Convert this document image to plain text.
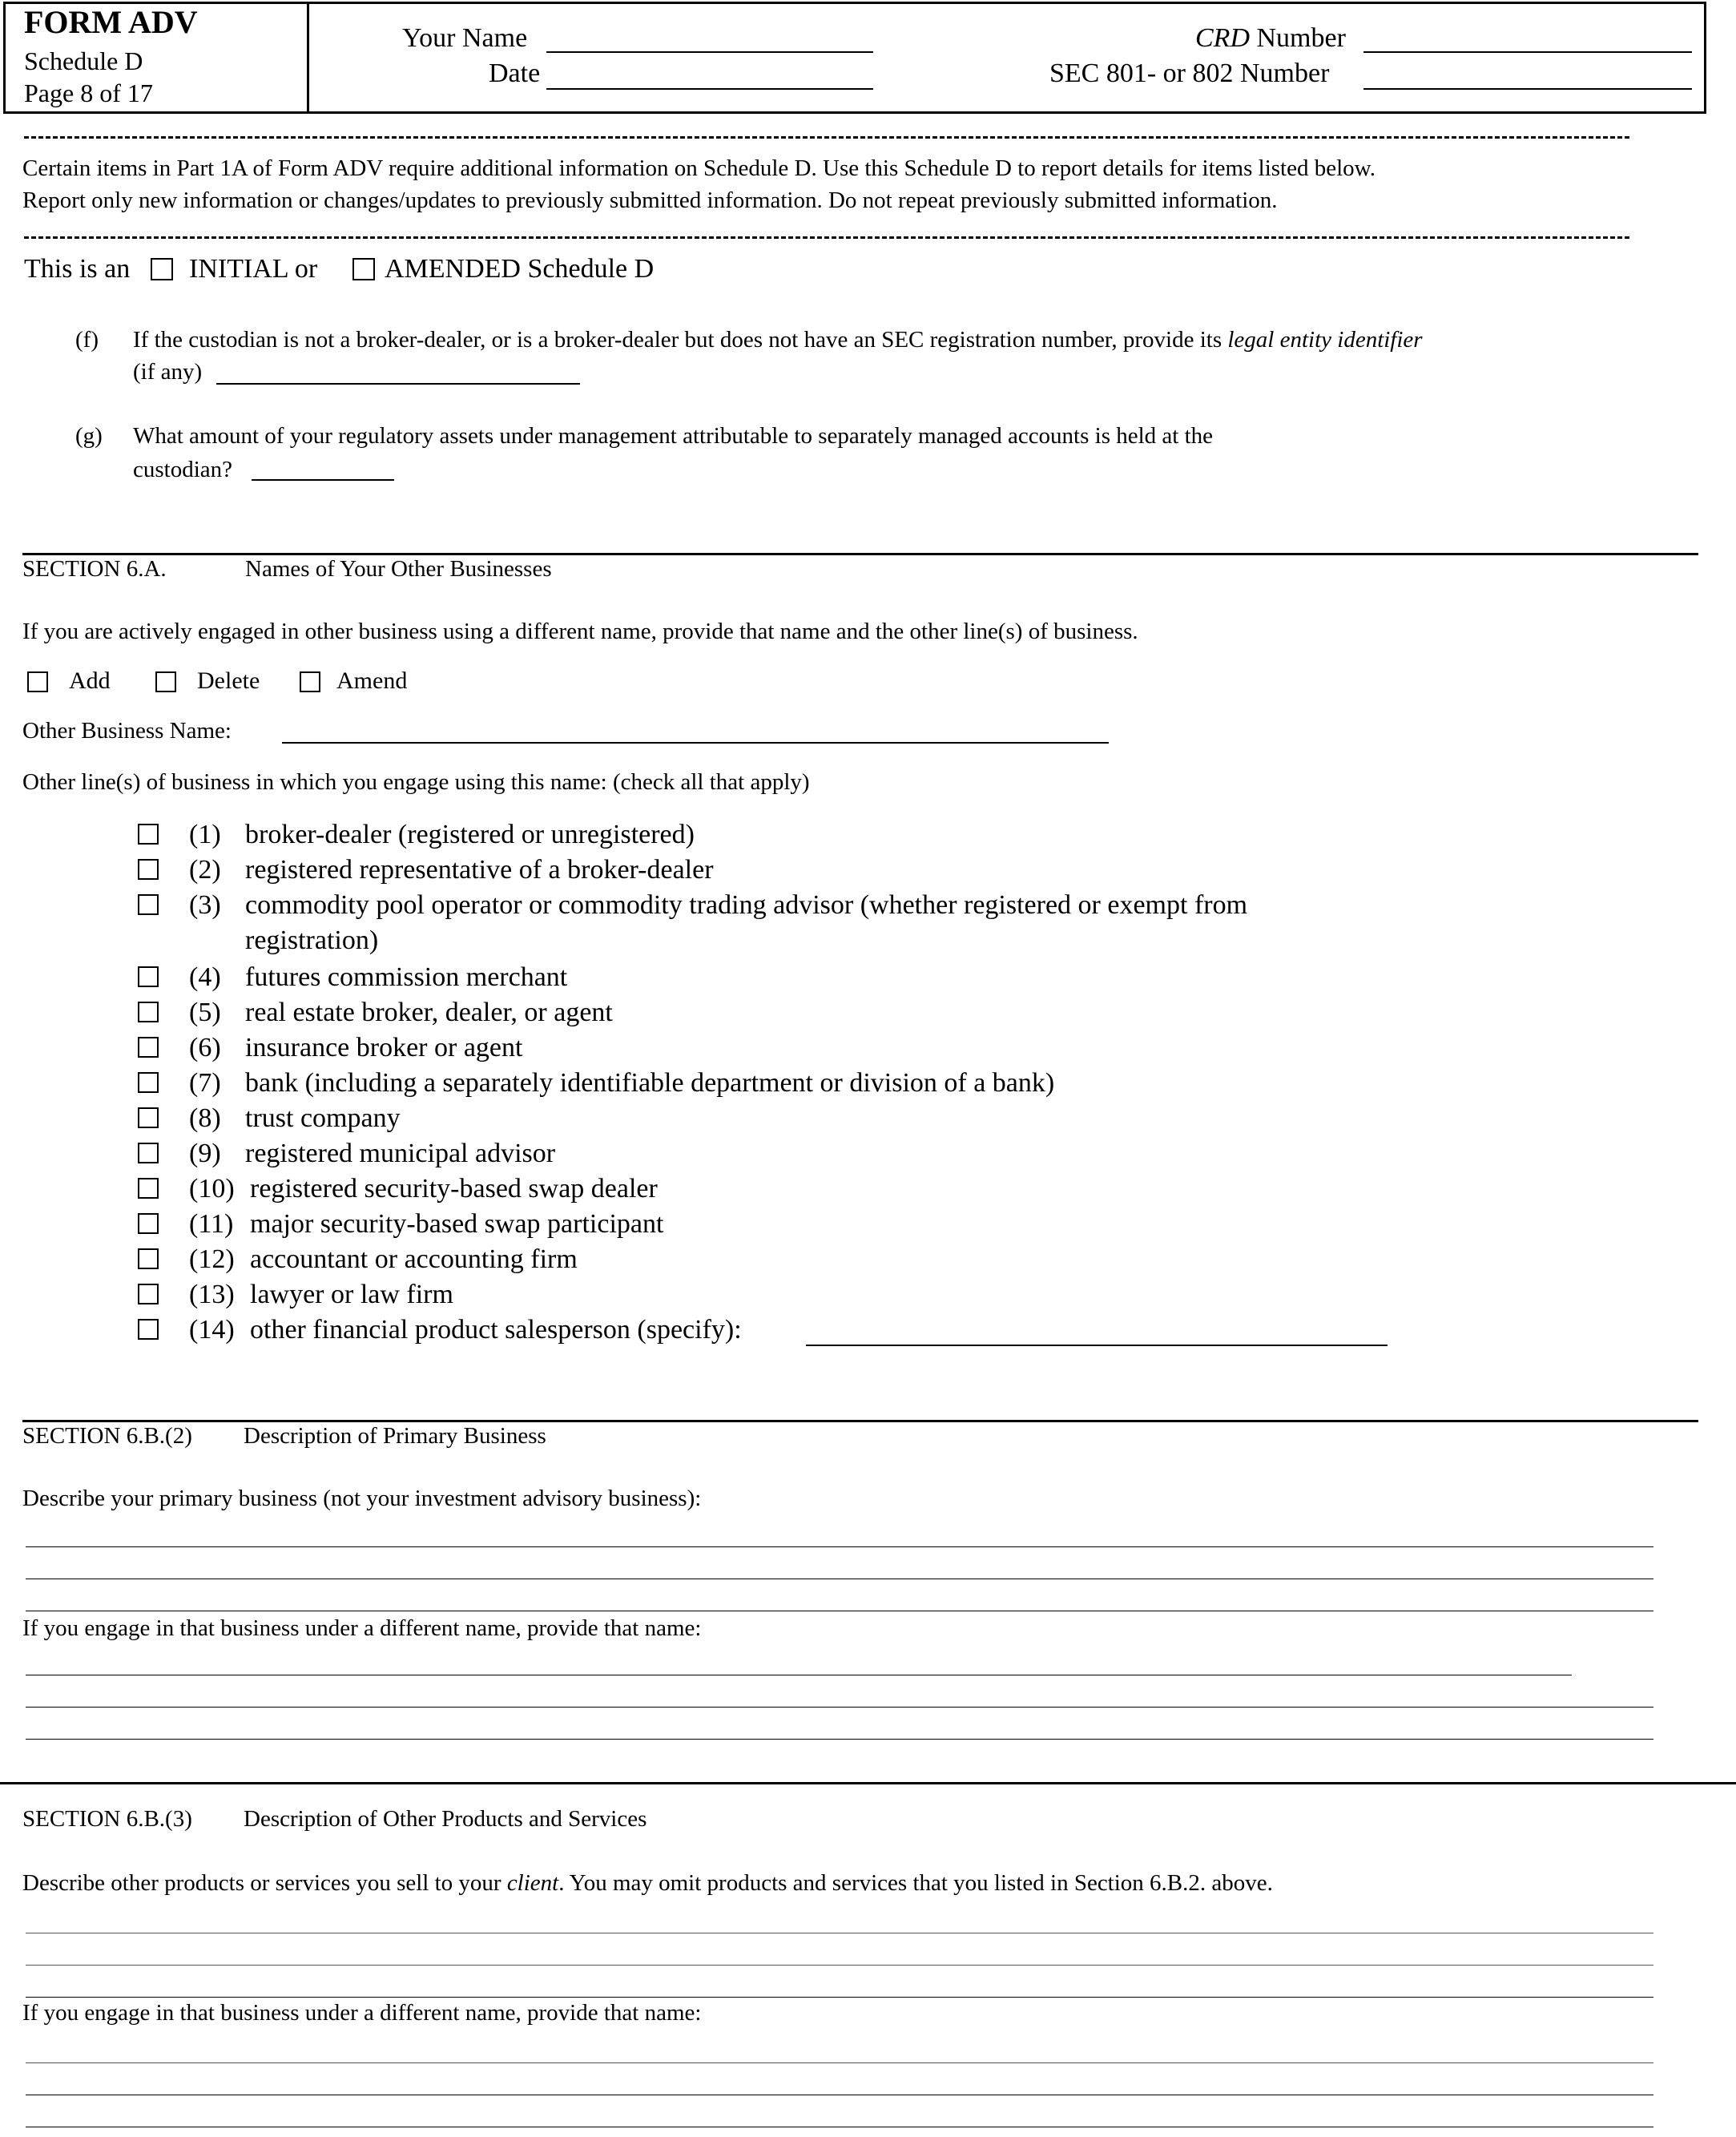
FORM ADV
Schedule D
Page 8 of 17
Your Name
Date
CRD Number
SEC 801- or 802 Number
Certain items in Part 1A of Form ADV require additional information on Schedule D. Use this Schedule D to report details for items listed below.
Report only new information or changes/updates to previously submitted information. Do not repeat previously submitted information.
This is an INITIAL or AMENDED Schedule D
(f) If the custodian is not a broker-dealer, or is a broker-dealer but does not have an SEC registration number, provide its legal entity identifier
(if any)
(g) What amount of your regulatory assets under management attributable to separately managed accounts is held at the
custodian?
SECTION 6.A.	Names of Your Other Businesses
If you are actively engaged in other business using a different name, provide that name and the other line(s) of business.
Add	Delete	Amend
Other Business Name:
Other line(s) of business in which you engage using this name: (check all that apply)
(1) broker-dealer (registered or unregistered)
(2) registered representative of a broker-dealer
(3) commodity pool operator or commodity trading advisor (whether registered or exempt from
registration)
(4) futures commission merchant
(5) real estate broker, dealer, or agent
(6) insurance broker or agent
(7) bank (including a separately identifiable department or division of a bank)
(8) trust company
(9) registered municipal advisor
(10) registered security-based swap dealer
(11) major security-based swap participant
(12) accountant or accounting firm
(13) lawyer or law firm
(14) other financial product salesperson (specify):
SECTION 6.B.(2) Description of Primary Business
Describe your primary business (not your investment advisory business):
If you engage in that business under a different name, provide that name:
SECTION 6.B.(3) Description of Other Products and Services
Describe other products or services you sell to your client. You may omit products and services that you listed in Section 6.B.2. above.
If you engage in that business under a different name, provide that name:
